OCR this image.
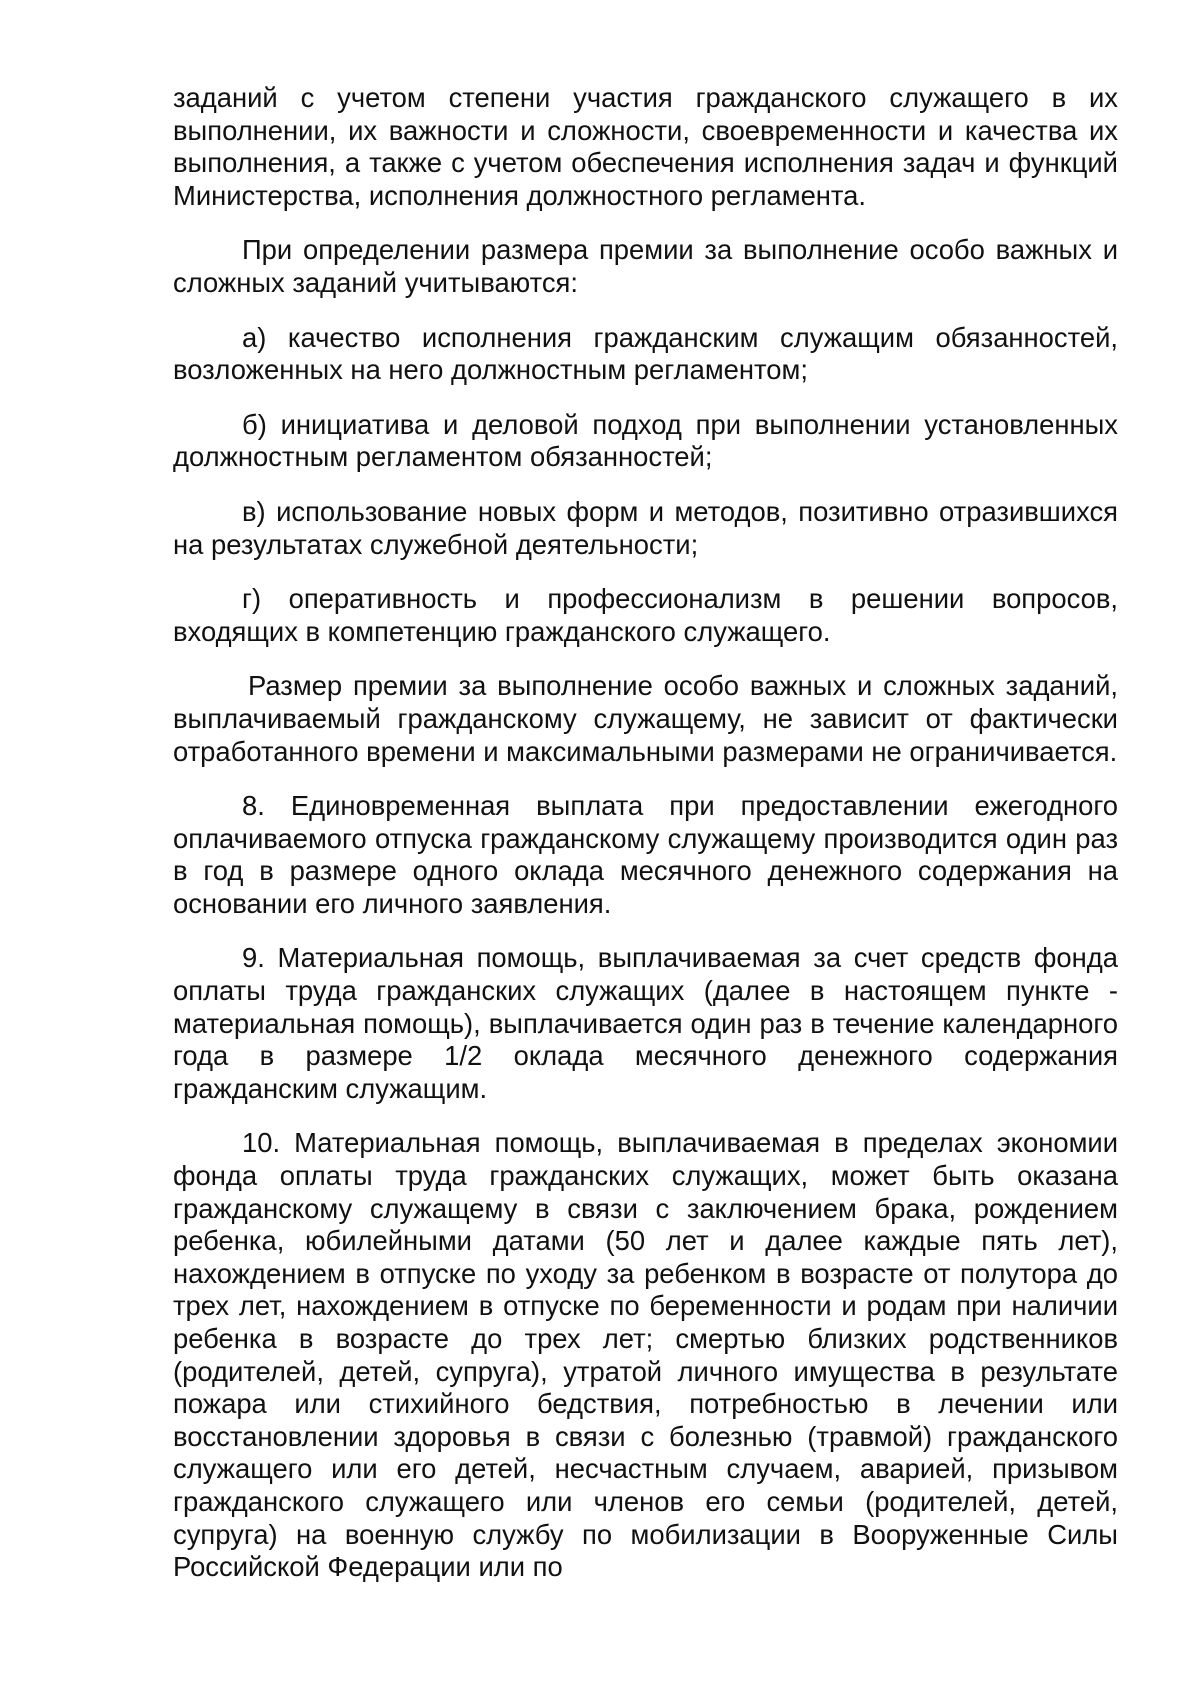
заданий с учетом степени участия гражданского служащего в их выполнении, их важности и сложности, своевременности и качества их выполнения, а также с учетом обеспечения исполнения задач и функций Министерства, исполнения должностного регламента.

При определении размера премии за выполнение особо важных и сложных заданий учитываются:

а) качество исполнения гражданским служащим обязанностей, возложенных на него должностным регламентом;

б) инициатива и деловой подход при выполнении установленных должностным регламентом обязанностей;

в) использование новых форм и методов, позитивно отразившихся на результатах служебной деятельности;

г) оперативность и профессионализм в решении вопросов, входящих в компетенцию гражданского служащего.

Размер премии за выполнение особо важных и сложных заданий, выплачиваемый гражданскому служащему, не зависит от фактически отработанного времени и максимальными размерами не ограничивается.

8. Единовременная выплата при предоставлении ежегодного оплачиваемого отпуска гражданскому служащему производится один раз в год в размере одного оклада месячного денежного содержания на основании его личного заявления.

9. Материальная помощь, выплачиваемая за счет средств фонда оплаты труда гражданских служащих (далее в настоящем пункте - материальная помощь), выплачивается один раз в течение календарного года в размере 1/2 оклада месячного денежного содержания гражданским служащим.

10. Материальная помощь, выплачиваемая в пределах экономии фонда оплаты труда гражданских служащих, может быть оказана гражданскому служащему в связи с заключением брака, рождением ребенка, юбилейными датами (50 лет и далее каждые пять лет), нахождением в отпуске по уходу за ребенком в возрасте от полутора до трех лет, нахождением в отпуске по беременности и родам при наличии ребенка в возрасте до трех лет; смертью близких родственников (родителей, детей, супруга), утратой личного имущества в результате пожара или стихийного бедствия, потребностью в лечении или восстановлении здоровья в связи с болезнью (травмой) гражданского служащего или его детей, несчастным случаем, аварией, призывом гражданского служащего или членов его семьи (родителей, детей, супруга) на военную службу по мобилизации в Вооруженные Силы Российской Федерации или по
